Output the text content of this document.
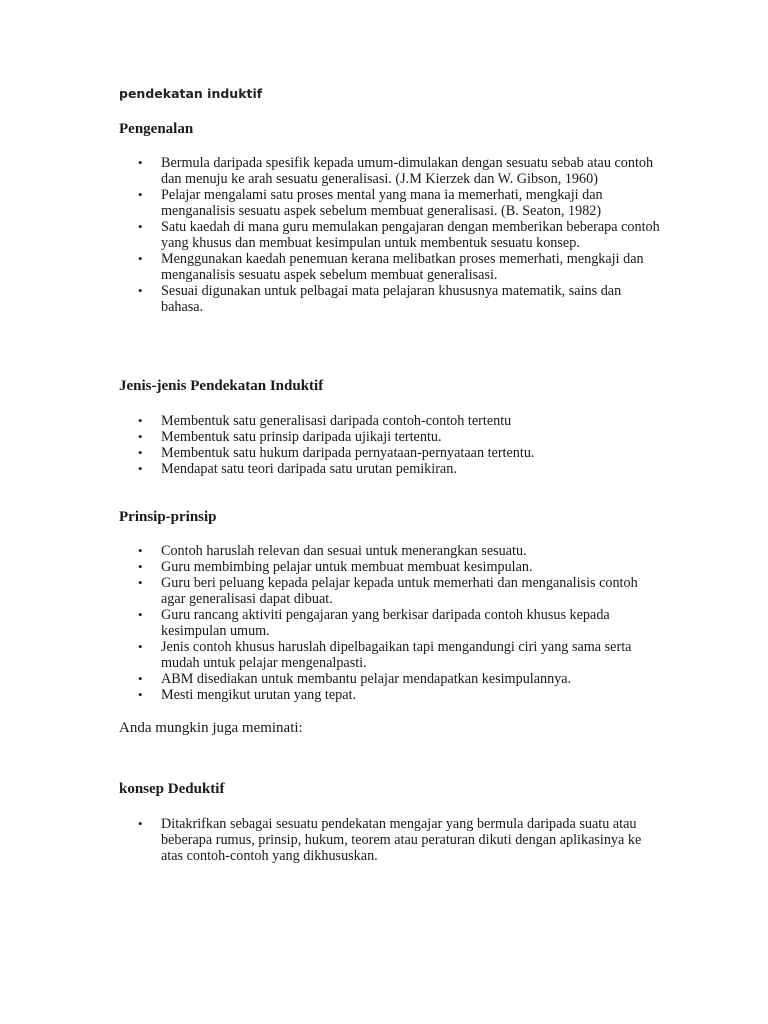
pendekatan induktif
Pengenalan
• Bermula daripada spesifik kepada umum-dimulakan dengan sesuatu sebab atau contoh dan menuju ke arah sesuatu generalisasi. (J.M Kierzek dan W. Gibson, 1960)
• Pelajar mengalami satu proses mental yang mana ia memerhati, mengkaji dan menganalisis sesuatu aspek sebelum membuat generalisasi. (B. Seaton, 1982)
• Satu kaedah di mana guru memulakan pengajaran dengan memberikan beberapa contoh yang khusus dan membuat kesimpulan untuk membentuk sesuatu konsep.
• Menggunakan kaedah penemuan kerana melibatkan proses memerhati, mengkaji dan menganalisis sesuatu aspek sebelum membuat generalisasi.
• Sesuai digunakan untuk pelbagai mata pelajaran khususnya matematik, sains dan bahasa.
Jenis-jenis Pendekatan Induktif
• Membentuk satu generalisasi daripada contoh-contoh tertentu
• Membentuk satu prinsip daripada ujikaji tertentu.
• Membentuk satu hukum daripada pernyataan-pernyataan tertentu.
• Mendapat satu teori daripada satu urutan pemikiran.
Prinsip-prinsip
• Contoh haruslah relevan dan sesuai untuk menerangkan sesuatu.
• Guru membimbing pelajar untuk membuat membuat kesimpulan.
• Guru beri peluang kepada pelajar kepada untuk memerhati dan menganalisis contoh agar generalisasi dapat dibuat.
• Guru rancang aktiviti pengajaran yang berkisar daripada contoh khusus kepada kesimpulan umum.
• Jenis contoh khusus haruslah dipelbagaikan tapi mengandungi ciri yang sama serta mudah untuk pelajar mengenalpasti.
• ABM disediakan untuk membantu pelajar mendapatkan kesimpulannya.
• Mesti mengikut urutan yang tepat.

Anda mungkin juga meminati:

konsep Deduktif
• Ditakrifkan sebagai sesuatu pendekatan mengajar yang bermula daripada suatu atau beberapa rumus, prinsip, hukum, teorem atau peraturan dikuti dengan aplikasinya ke atas contoh-contoh yang dikhususkan.
